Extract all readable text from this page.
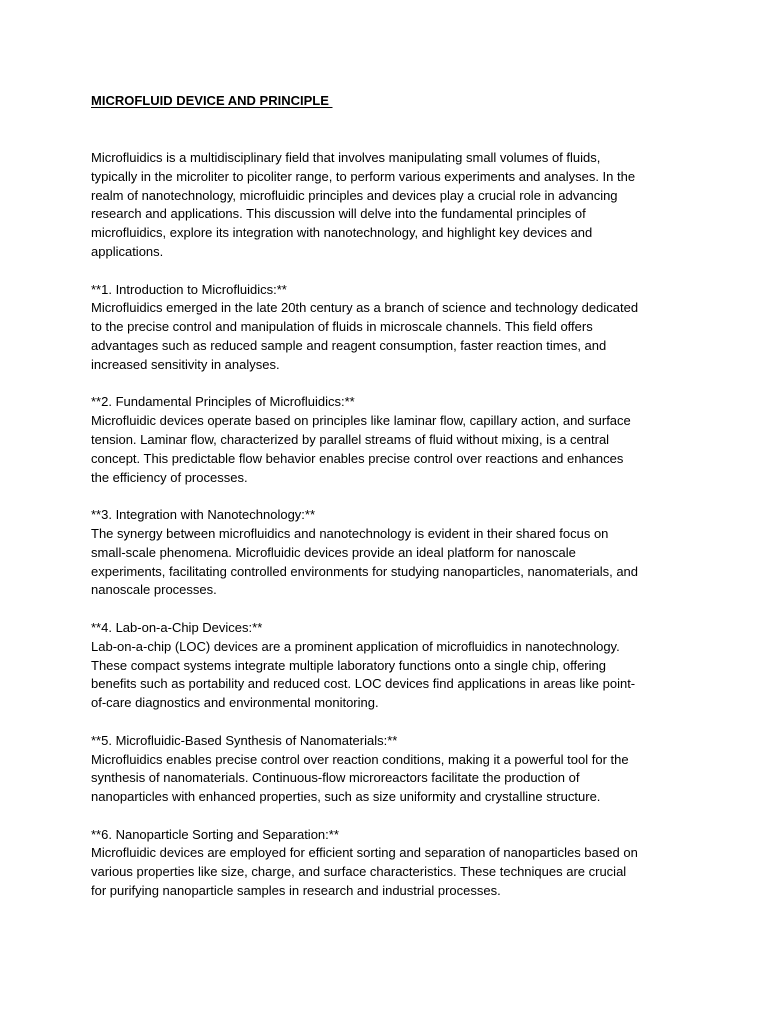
MICROFLUID DEVICE AND PRINCIPLE
Microfluidics is a multidisciplinary field that involves manipulating small volumes of fluids,
typically in the microliter to picoliter range, to perform various experiments and analyses. In the
realm of nanotechnology, microfluidic principles and devices play a crucial role in advancing
research and applications. This discussion will delve into the fundamental principles of
microfluidics, explore its integration with nanotechnology, and highlight key devices and
applications.
**1. Introduction to Microfluidics:**
Microfluidics emerged in the late 20th century as a branch of science and technology dedicated
to the precise control and manipulation of fluids in microscale channels. This field offers
advantages such as reduced sample and reagent consumption, faster reaction times, and
increased sensitivity in analyses.
**2. Fundamental Principles of Microfluidics:**
Microfluidic devices operate based on principles like laminar flow, capillary action, and surface
tension. Laminar flow, characterized by parallel streams of fluid without mixing, is a central
concept. This predictable flow behavior enables precise control over reactions and enhances
the efficiency of processes.
**3. Integration with Nanotechnology:**
The synergy between microfluidics and nanotechnology is evident in their shared focus on
small-scale phenomena. Microfluidic devices provide an ideal platform for nanoscale
experiments, facilitating controlled environments for studying nanoparticles, nanomaterials, and
nanoscale processes.
**4. Lab-on-a-Chip Devices:**
Lab-on-a-chip (LOC) devices are a prominent application of microfluidics in nanotechnology.
These compact systems integrate multiple laboratory functions onto a single chip, offering
benefits such as portability and reduced cost. LOC devices find applications in areas like point-
of-care diagnostics and environmental monitoring.
**5. Microfluidic-Based Synthesis of Nanomaterials:**
Microfluidics enables precise control over reaction conditions, making it a powerful tool for the
synthesis of nanomaterials. Continuous-flow microreactors facilitate the production of
nanoparticles with enhanced properties, such as size uniformity and crystalline structure.
**6. Nanoparticle Sorting and Separation:**
Microfluidic devices are employed for efficient sorting and separation of nanoparticles based on
various properties like size, charge, and surface characteristics. These techniques are crucial
for purifying nanoparticle samples in research and industrial processes.
